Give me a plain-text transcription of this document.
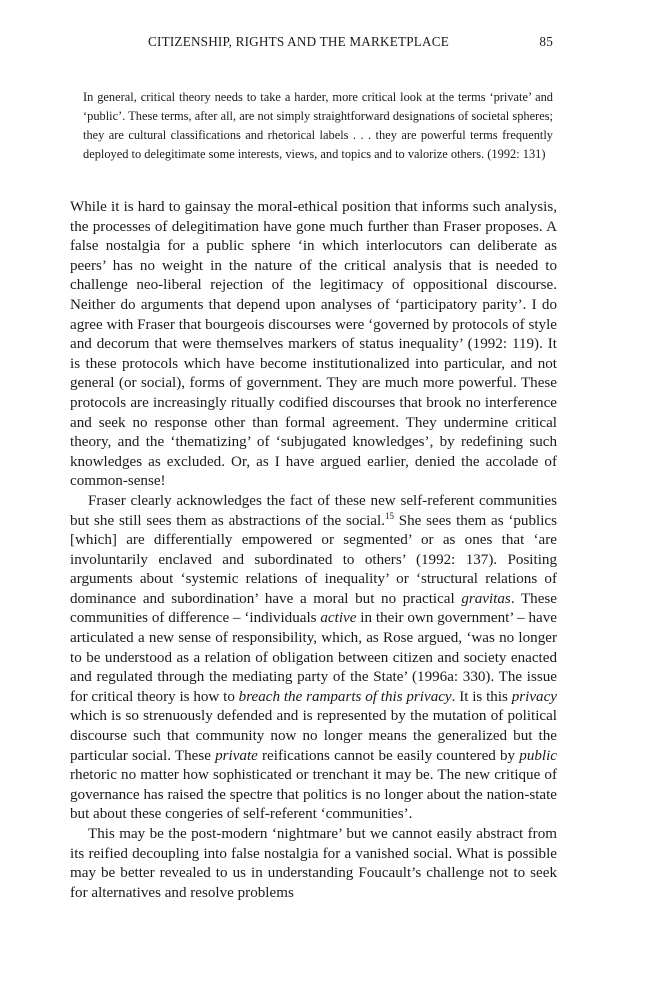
CITIZENSHIP, RIGHTS AND THE MARKETPLACE	85
In general, critical theory needs to take a harder, more critical look at the terms ‘private’ and ‘public’. These terms, after all, are not simply straightforward designations of societal spheres; they are cultural classifications and rhetorical labels . . . they are powerful terms frequently deployed to delegitimate some interests, views, and topics and to valorize others. (1992: 131)

While it is hard to gainsay the moral-ethical position that informs such analysis, the processes of delegitimation have gone much further than Fraser proposes. A false nostalgia for a public sphere ‘in which interlocutors can deliberate as peers’ has no weight in the nature of the critical analysis that is needed to challenge neo-liberal rejection of the legitimacy of oppositional discourse. Neither do arguments that depend upon analyses of ‘participatory parity’. I do agree with Fraser that bourgeois discourses were ‘governed by protocols of style and decorum that were themselves markers of status inequality’ (1992: 119). It is these protocols which have become institutionalized into particular, and not general (or social), forms of government. They are much more powerful. These protocols are increasingly ritually codified discourses that brook no interference and seek no response other than formal agreement. They undermine critical theory, and the ‘thematizing’ of ‘subjugated knowledges’, by redefining such knowledges as excluded. Or, as I have argued earlier, denied the accolade of common-sense!

Fraser clearly acknowledges the fact of these new self-referent communities but she still sees them as abstractions of the social.$^{15}$ She sees them as ‘publics [which] are differentially empowered or segmented’ or as ones that ‘are involuntarily enclaved and subordinated to others’ (1992: 137). Positing arguments about ‘systemic relations of inequality’ or ‘structural relations of dominance and subordination’ have a moral but no practical gravitas. These communities of difference – ‘individuals active in their own government’ – have articulated a new sense of responsibility, which, as Rose argued, ‘was no longer to be understood as a relation of obligation between citizen and society enacted and regulated through the mediating party of the State’ (1996a: 330). The issue for critical theory is how to breach the ramparts of this privacy. It is this privacy which is so strenuously defended and is represented by the mutation of political discourse such that community now no longer means the generalized but the particular social. These private reifications cannot be easily countered by public rhetoric no matter how sophisticated or trenchant it may be. The new critique of governance has raised the spectre that politics is no longer about the nation-state but about these congeries of self-referent ‘communities’.

This may be the post-modern ‘nightmare’ but we cannot easily abstract from its reified decoupling into false nostalgia for a vanished social. What is possible may be better revealed to us in understanding Foucault’s challenge not to seek for alternatives and resolve problems
